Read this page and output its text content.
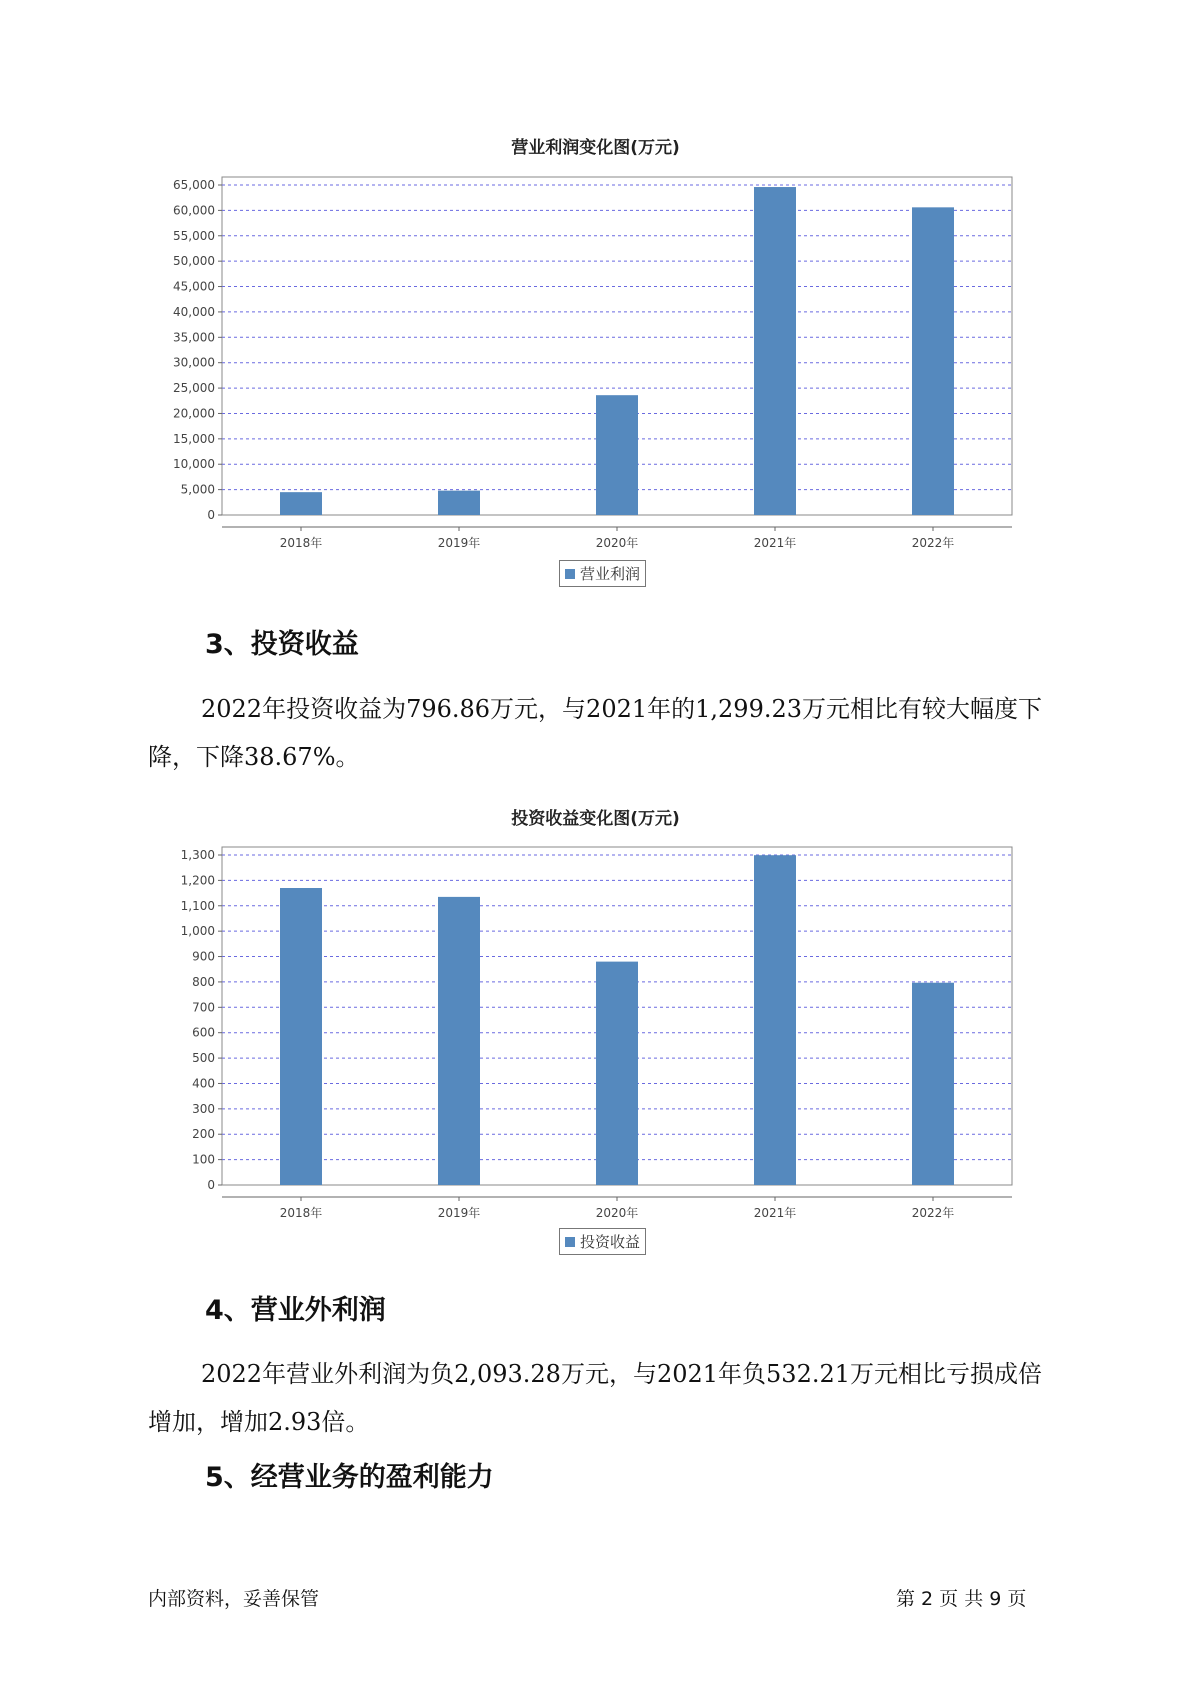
营业利润变化图(万元)
0
5,000
10,000
15,000
20,000
25,000
30,000
35,000
40,000
45,000
50,000
55,000
60,000
65,000
2018年	2019年	2020年	2021年	2022年
营业利润
3、投资收益

2022年投资收益为796.86万元，与2021年的1,299.23万元相比有较大幅度下降，下降38.67%。

投资收益变化图(万元)
0
100
200
300
400
500
600
700
800
900
1,000
1,100
1,200
1,300
2018年	2019年	2020年	2021年	2022年
投资收益
4、营业外利润

2022年营业外利润为负2,093.28万元，与2021年负532.21万元相比亏损成倍增加，增加2.93倍。

5、经营业务的盈利能力
内部资料，妥善保管	第 2 页 共 9 页
